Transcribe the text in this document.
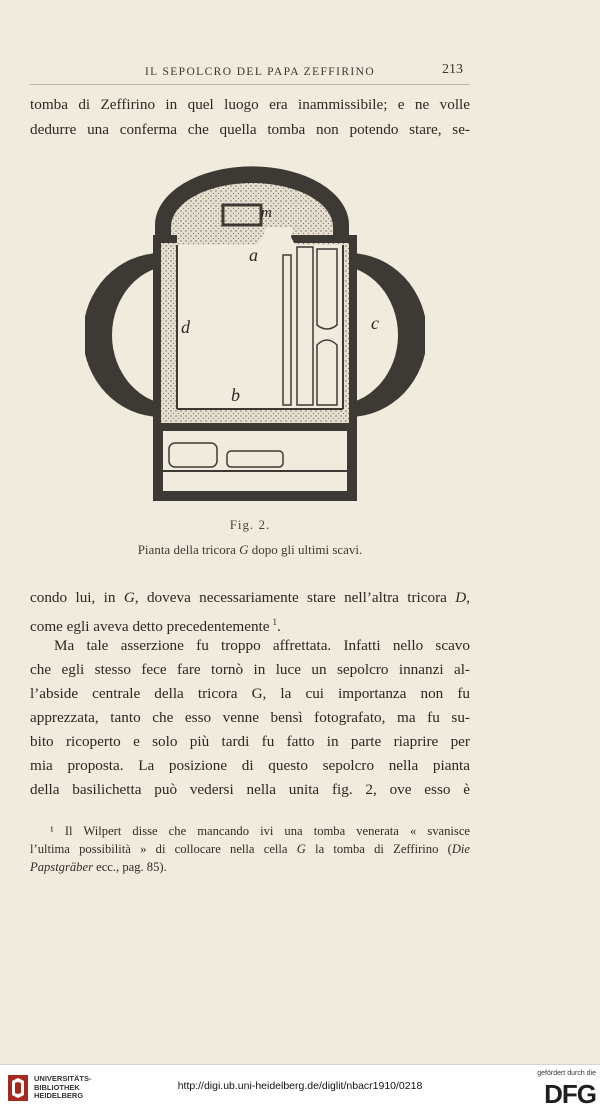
IL SEPOLCRO DEL PAPA ZEFFIRINO	213
tomba di Zeffirino in quel luogo era inammissibile; e ne volle
dedurre una conferma che quella tomba non potendo stare, se-
m
a
b
c
d
Fig. 2.
Pianta della tricora G dopo gli ultimi scavi.
condo lui, in G, doveva necessariamente stare nell’altra tricora D,
come egli aveva detto precedentemente  $^1$.
Ma tale asserzione fu troppo affrettata. Infatti nello scavo
che egli stesso fece fare tornò in luce un sepolcro innanzi al-
l’abside centrale della tricora G, la cui importanza non fu
apprezzata, tanto che esso venne bensì fotografato, ma fu su-
bito ricoperto e solo più tardi fu fatto in parte riaprire per
mia proposta. La posizione di questo sepolcro nella pianta
della basilichetta può vedersi nella unita fig. 2, ove esso è
¹ Il Wilpert disse che mancando ivi una tomba venerata « svanisce
l’ultima possibilità » di collocare nella cella G la tomba di Zeffirino (Die
Papstgräber ecc., pag. 85).
UNIVERSITÄTS-
BIBLIOTHEK
HEIDELBERG
http://digi.ub.uni-heidelberg.de/diglit/nbacr1910/0218
gefördert durch die
DFG
